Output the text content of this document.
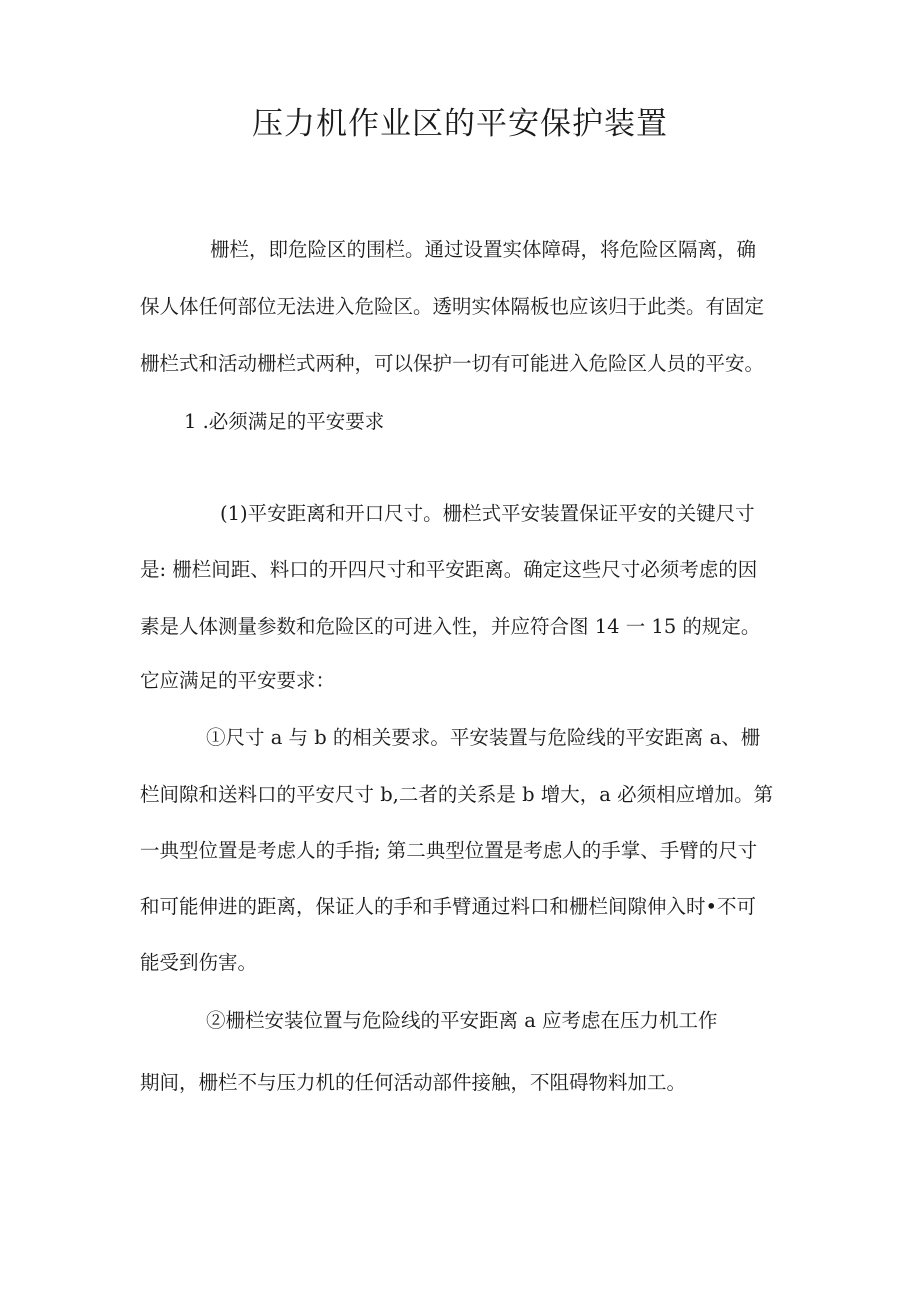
压力机作业区的平安保护装置

栅栏，即危险区的围栏。通过设置实体障碍，将危险区隔离，确

保人体任何部位无法进入危险区。透明实体隔板也应该归于此类。有固定

栅栏式和活动栅栏式两种，可以保护一切有可能进入危险区人员的平安。

1 .必须满足的平安要求

(1)平安距离和开口尺寸。栅栏式平安装置保证平安的关键尺寸

是: 栅栏间距、料口的开四尺寸和平安距离。确定这些尺寸必须考虑的因

素是人体测量参数和危险区的可进入性，并应符合图 14 一 15 的规定。

它应满足的平安要求：

①尺寸 a 与 b 的相关要求。平安装置与危险线的平安距离 a、栅

栏间隙和送料口的平安尺寸 b,二者的关系是 b 增大，a 必须相应增加。第

一典型位置是考虑人的手指; 第二典型位置是考虑人的手掌、手臂的尺寸

和可能伸进的距离，保证人的手和手臂通过料口和栅栏间隙伸入时•不可

能受到伤害。

②栅栏安装位置与危险线的平安距离 a 应考虑在压力机工作

期间，栅栏不与压力机的任何活动部件接触，不阻碍物料加工。
